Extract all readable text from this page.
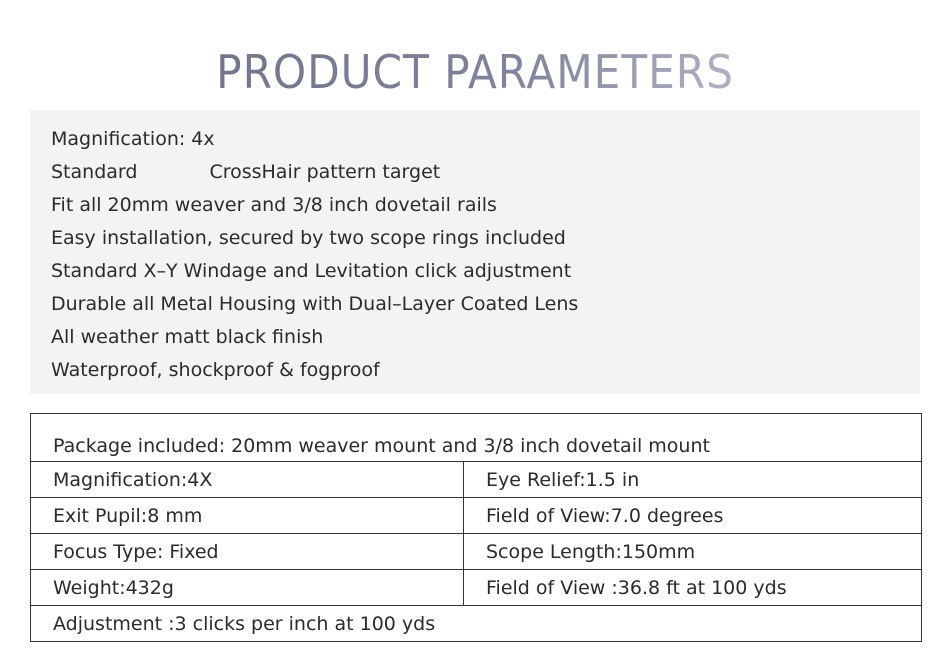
PRODUCT PARAMETERS
Magnification: 4x
Standard	CrossHair pattern target
Fit all 20mm weaver and 3/8 inch dovetail rails
Easy installation, secured by two scope rings included
Standard X–Y Windage and Levitation click adjustment
Durable all Metal Housing with Dual–Layer Coated Lens
All weather matt black finish
Waterproof, shockproof & fogproof
Package included: 20mm weaver mount and 3/8 inch dovetail mount	
Magnification:4X	Eye Relief:1.5 in
Exit Pupil:8 mm	Field of View:7.0 degrees
Focus Type: Fixed	Scope Length:150mm
Weight:432g	Field of View :36.8 ft at 100 yds
Adjustment :3 clicks per inch at 100 yds	
